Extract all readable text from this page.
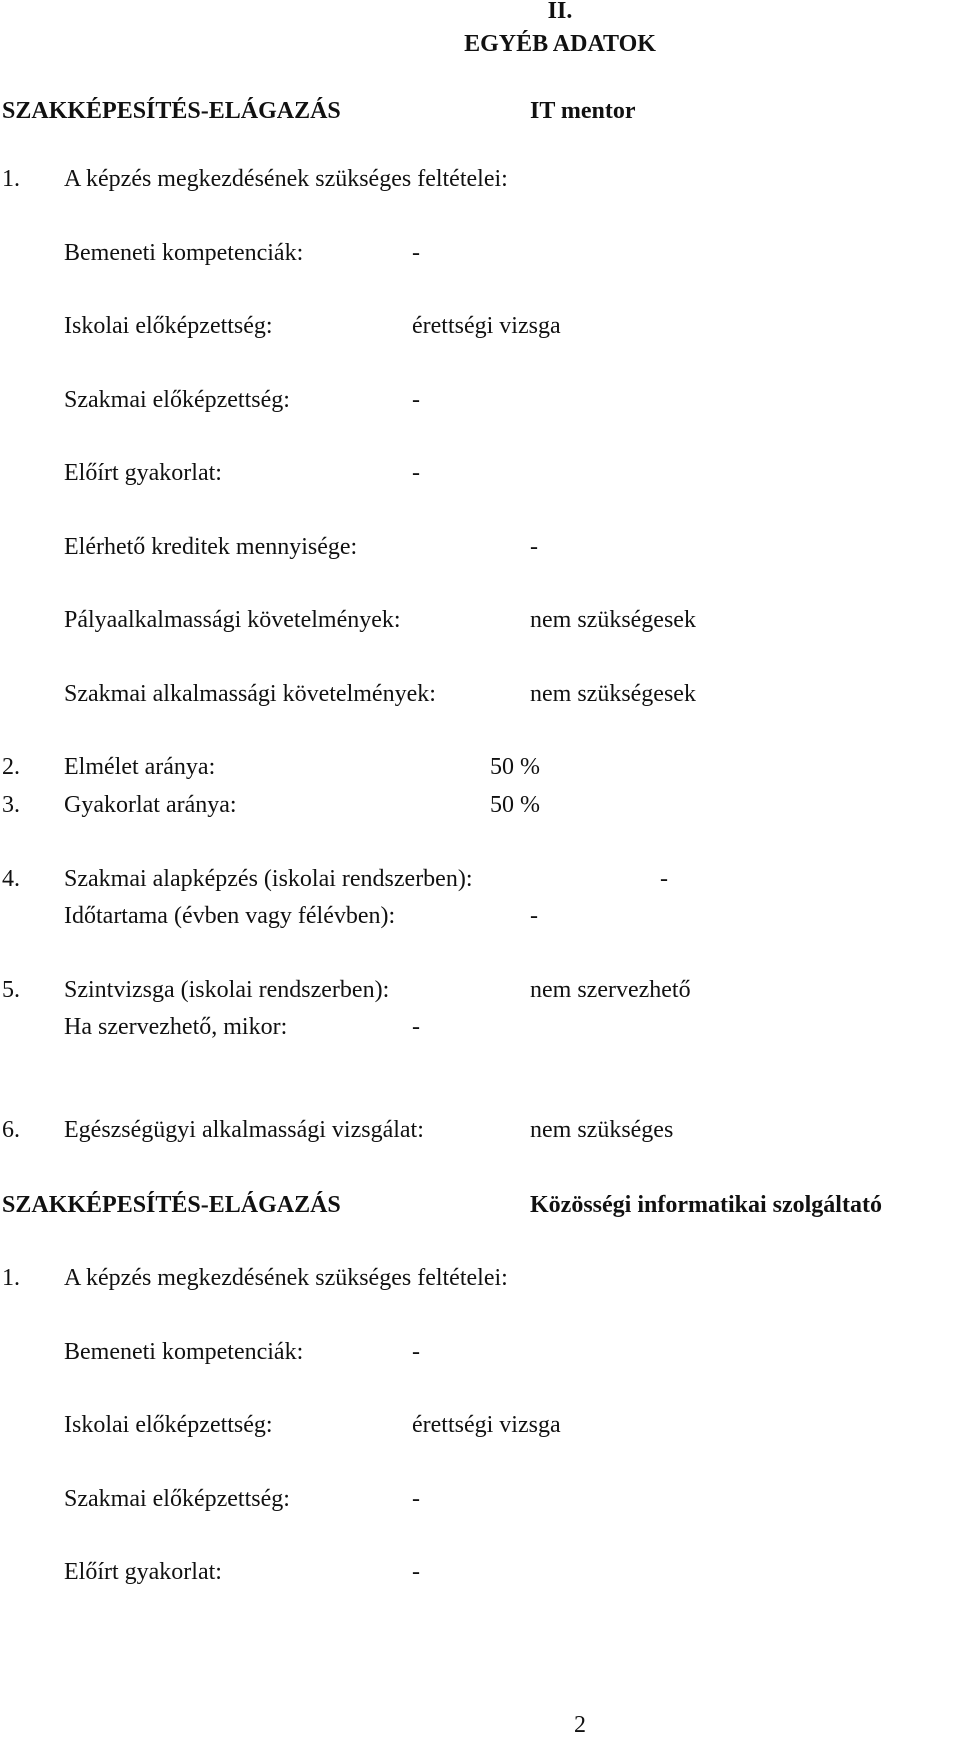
II.
EGYÉB ADATOK
SZAKKÉPESÍTÉS-ELÁGAZÁS	IT mentor
1. A képzés megkezdésének szükséges feltételei:
Bemeneti kompetenciák:	-
Iskolai előképzettség:	érettségi vizsga
Szakmai előképzettség:	-
Előírt gyakorlat:	-
Elérhető kreditek mennyisége:	-
Pályaalkalmassági követelmények:	nem szükségesek
Szakmai alkalmassági követelmények:	nem szükségesek
2. Elmélet aránya:	50 %
3. Gyakorlat aránya:	50 %
4. Szakmai alapképzés (iskolai rendszerben):	-
Időtartama (évben vagy félévben):	-
5. Szintvizsga (iskolai rendszerben):	nem szervezhető
Ha szervezhető, mikor:	-
6. Egészségügyi alkalmassági vizsgálat:	nem szükséges
SZAKKÉPESÍTÉS-ELÁGAZÁS	Közösségi informatikai szolgáltató
1. A képzés megkezdésének szükséges feltételei:
Bemeneti kompetenciák:	-
Iskolai előképzettség:	érettségi vizsga
Szakmai előképzettség:	-
Előírt gyakorlat:	-
2
